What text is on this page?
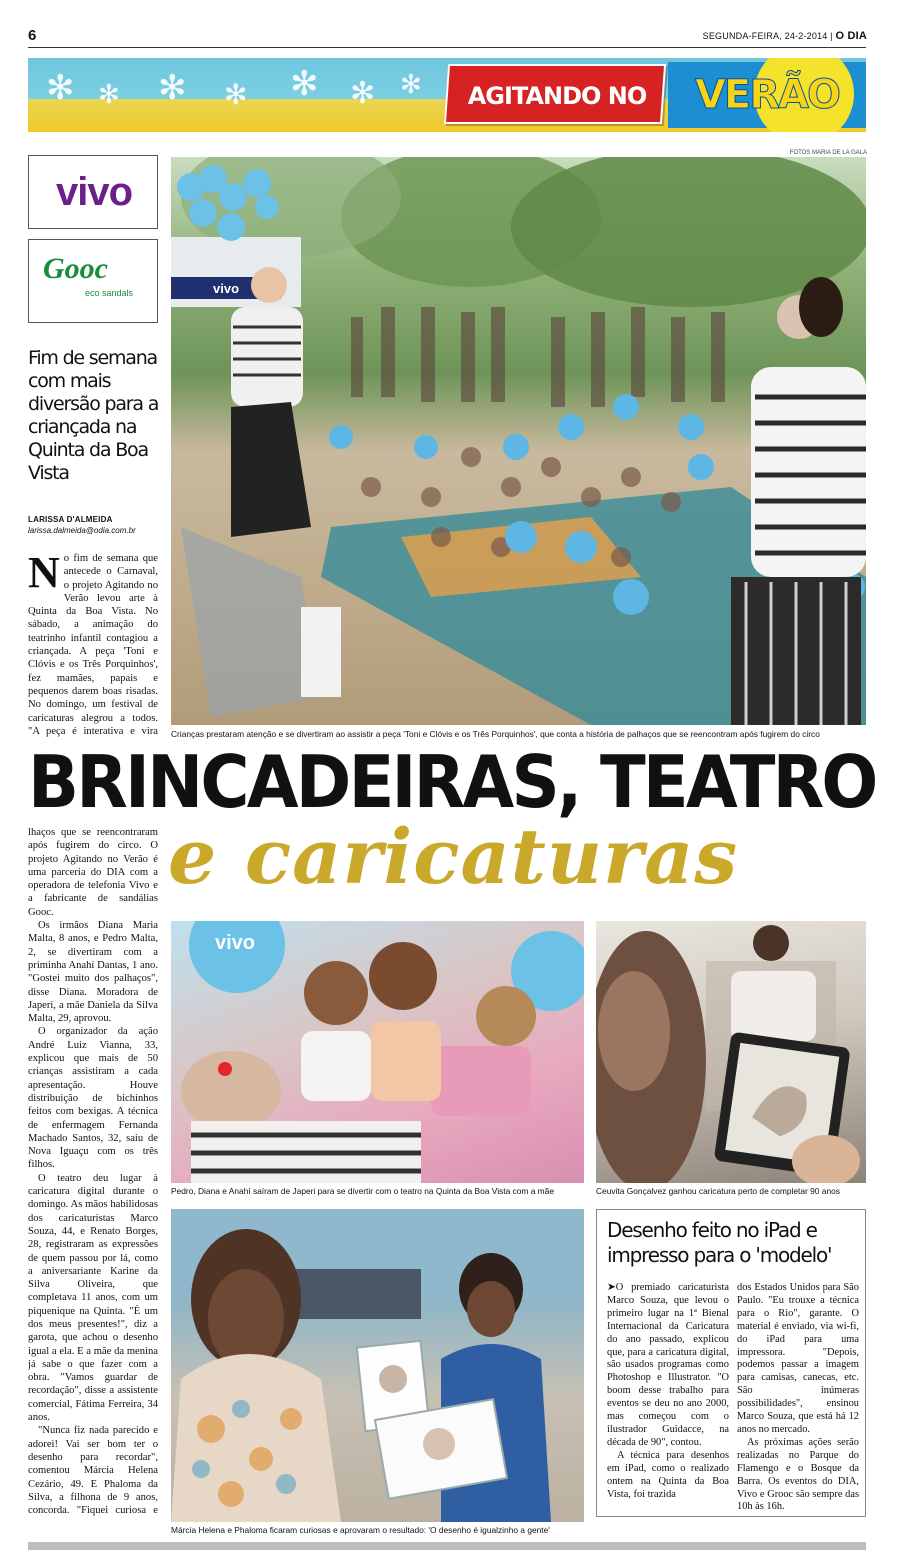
6	SEGUNDA-FEIRA, 24-2-2014 | O DIA
✻ ✻ ✻ ✻ ✻ ✻ ✻	AGITANDO NO	VERÃO
vivo
Gooc
eco sandals
Fim de semana com mais diversão para a criançada na Quinta da Boa Vista
LARISSA D'ALMEIDA
larissa.dalmeida@odia.com.br
N o fim de semana que antecede o Carnaval, o projeto Agitando no Verão levou arte à Quinta da Boa Vista. No sábado, a animação do teatrinho infantil contagiou a criançada. A peça 'Toni e Clóvis e os Três Porquinhos', fez mamães, papais e pequenos darem boas risadas. No domingo, um festival de caricaturas alegrou a todos. "A peça é interativa e vira
FOTOS MARIA DE LA GALA
vivo
Crianças prestaram atenção e se divertiram ao assistir a peça 'Toni e Clóvis e os Três Porquinhos', que conta a história de palhaços que se reencontram após fugirem do circo
BRINCADEIRAS, TEATRO
e caricaturas

lhaços que se reencontraram após fugirem do circo. O projeto Agitando no Verão é uma parceria do DIA com a operadora de telefonia Vivo e a fabricante de sandálias Gooc.

Os irmãos Diana Maria Malta, 8 anos, e Pedro Malta, 2, se divertiram com a priminha Anahí Dantas, 1 ano. "Gostei muito dos palhaços", disse Diana. Moradora de Japeri, a mãe Daniela da Silva Malta, 29, aprovou.

O organizador da ação André Luiz Vianna, 33, explicou que mais de 50 crianças assistiram a cada apresentação. Houve distribuição de bichinhos feitos com bexigas. A técnica de enfermagem Fernanda Machado Santos, 32, saiu de Nova Iguaçu com os três filhos.

O teatro deu lugar à caricatura digital durante o domingo. As mãos habilidosas dos caricaturistas Marco Souza, 44, e Renato Borges, 28, registraram as expressões de quem passou por lá, como a aniversariante Karine da Silva Oliveira, que completava 11 anos, com um piquenique na Quinta. "É um dos meus presentes!", diz a garota, que achou o desenho igual a ela. E a mãe da menina já sabe o que fazer com a obra. "Vamos guardar de recordação", disse a assistente comercial, Fátima Ferreira, 34 anos.

"Nunca fiz nada parecido e adorei! Vai ser bom ter o desenho para recordar", comentou Márcia Helena Cezário, 49. E Phaloma da Silva, a filhona de 9 anos, concorda. "Fiquei curiosa e

vivo
Pedro, Diana e Anahí saíram de Japeri para se divertir com o teatro na Quinta da Boa Vista com a mãe	Ceuvita Gonçalvez ganhou caricatura perto de completar 90 anos
Márcia Helena e Phaloma ficaram curiosas e aprovaram o resultado: 'O desenho é igualzinho a gente'
Desenho feito no iPad e impresso para o 'modelo'

➤O premiado caricaturista Marco Souza, que levou o primeiro lugar na 1ª Bienal Internacional da Caricatura do ano passado, explicou que, para a caricatura digital, são usados programas como Photoshop e Illustrator. "O boom desse trabalho para eventos se deu no ano 2000, mas começou com o ilustrador Guidacce, na década de 90", contou.

A técnica para desenhos em iPad, como o realizado ontem na Quinta da Boa Vista, foi trazida

dos Estados Unidos para São Paulo. "Eu trouxe a técnica para o Rio", garante. O material é enviado, via wi-fi, do iPad para uma impressora. "Depois, podemos passar a imagem para camisas, canecas, etc. São inúmeras possibilidades", ensinou Marco Souza, que está há 12 anos no mercado.

As próximas ações serão realizadas no Parque do Flamengo e o Bosque da Barra. Os eventos do DIA, Vivo e Grooc são sempre das 10h às 16h.
